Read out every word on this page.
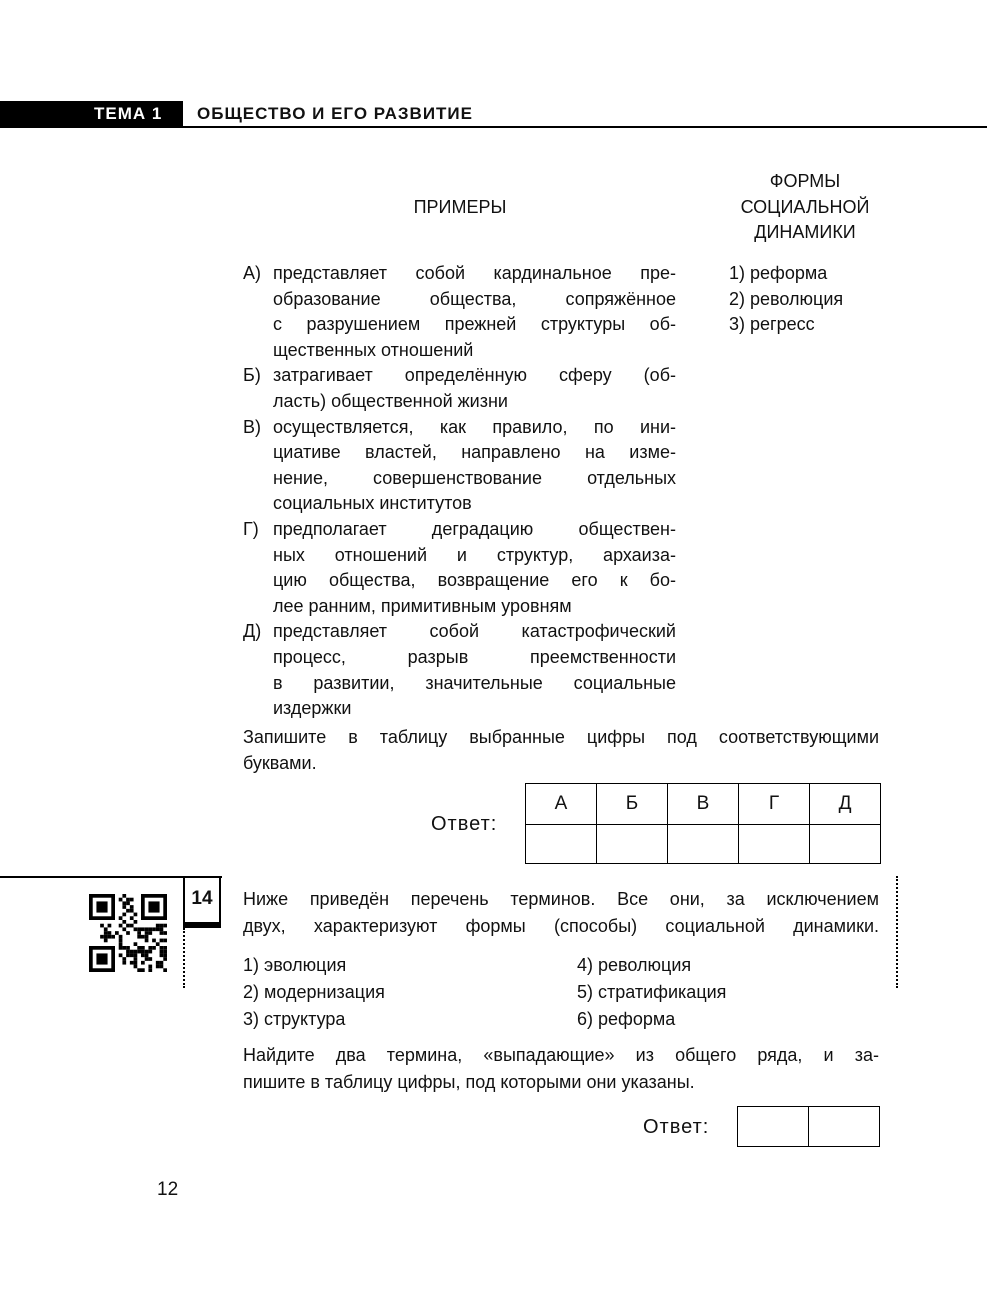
ТЕМА 1 ОБЩЕСТВО И ЕГО РАЗВИТИЕ
ПРИМЕРЫ
ФОРМЫ
СОЦИАЛЬНОЙ
ДИНАМИКИ
А) представляет собой кардинальное пре-
образование общества, сопряжённое
с разрушением прежней структуры об-
щественных отношений
Б) затрагивает определённую сферу (об-
ласть) общественной жизни
В) осуществляется, как правило, по ини-
циативе властей, направлено на изме-
нение, совершенствование отдельных
социальных институтов
Г) предполагает деградацию обществен-
ных отношений и структур, архаиза-
цию общества, возвращение его к бо-
лее ранним, примитивным уровням
Д) представляет собой катастрофический
процесс, разрыв преемственности
в развитии, значительные социальные
издержки
1) реформа
2) революция
3) регресс
Запишите в таблицу выбранные цифры под соответствующими
буквами.
Ответ:
А	Б	В	Г	Д

14	Ниже приведён перечень терминов. Все они, за исключением
двух, характеризуют формы (способы) социальной динамики.
1) эволюция
2) модернизация
3) структура
4) революция
5) стратификация
6) реформа
Найдите два термина, «выпадающие» из общего ряда, и за-
пишите в таблицу цифры, под которыми они указаны.
Ответ:

12
